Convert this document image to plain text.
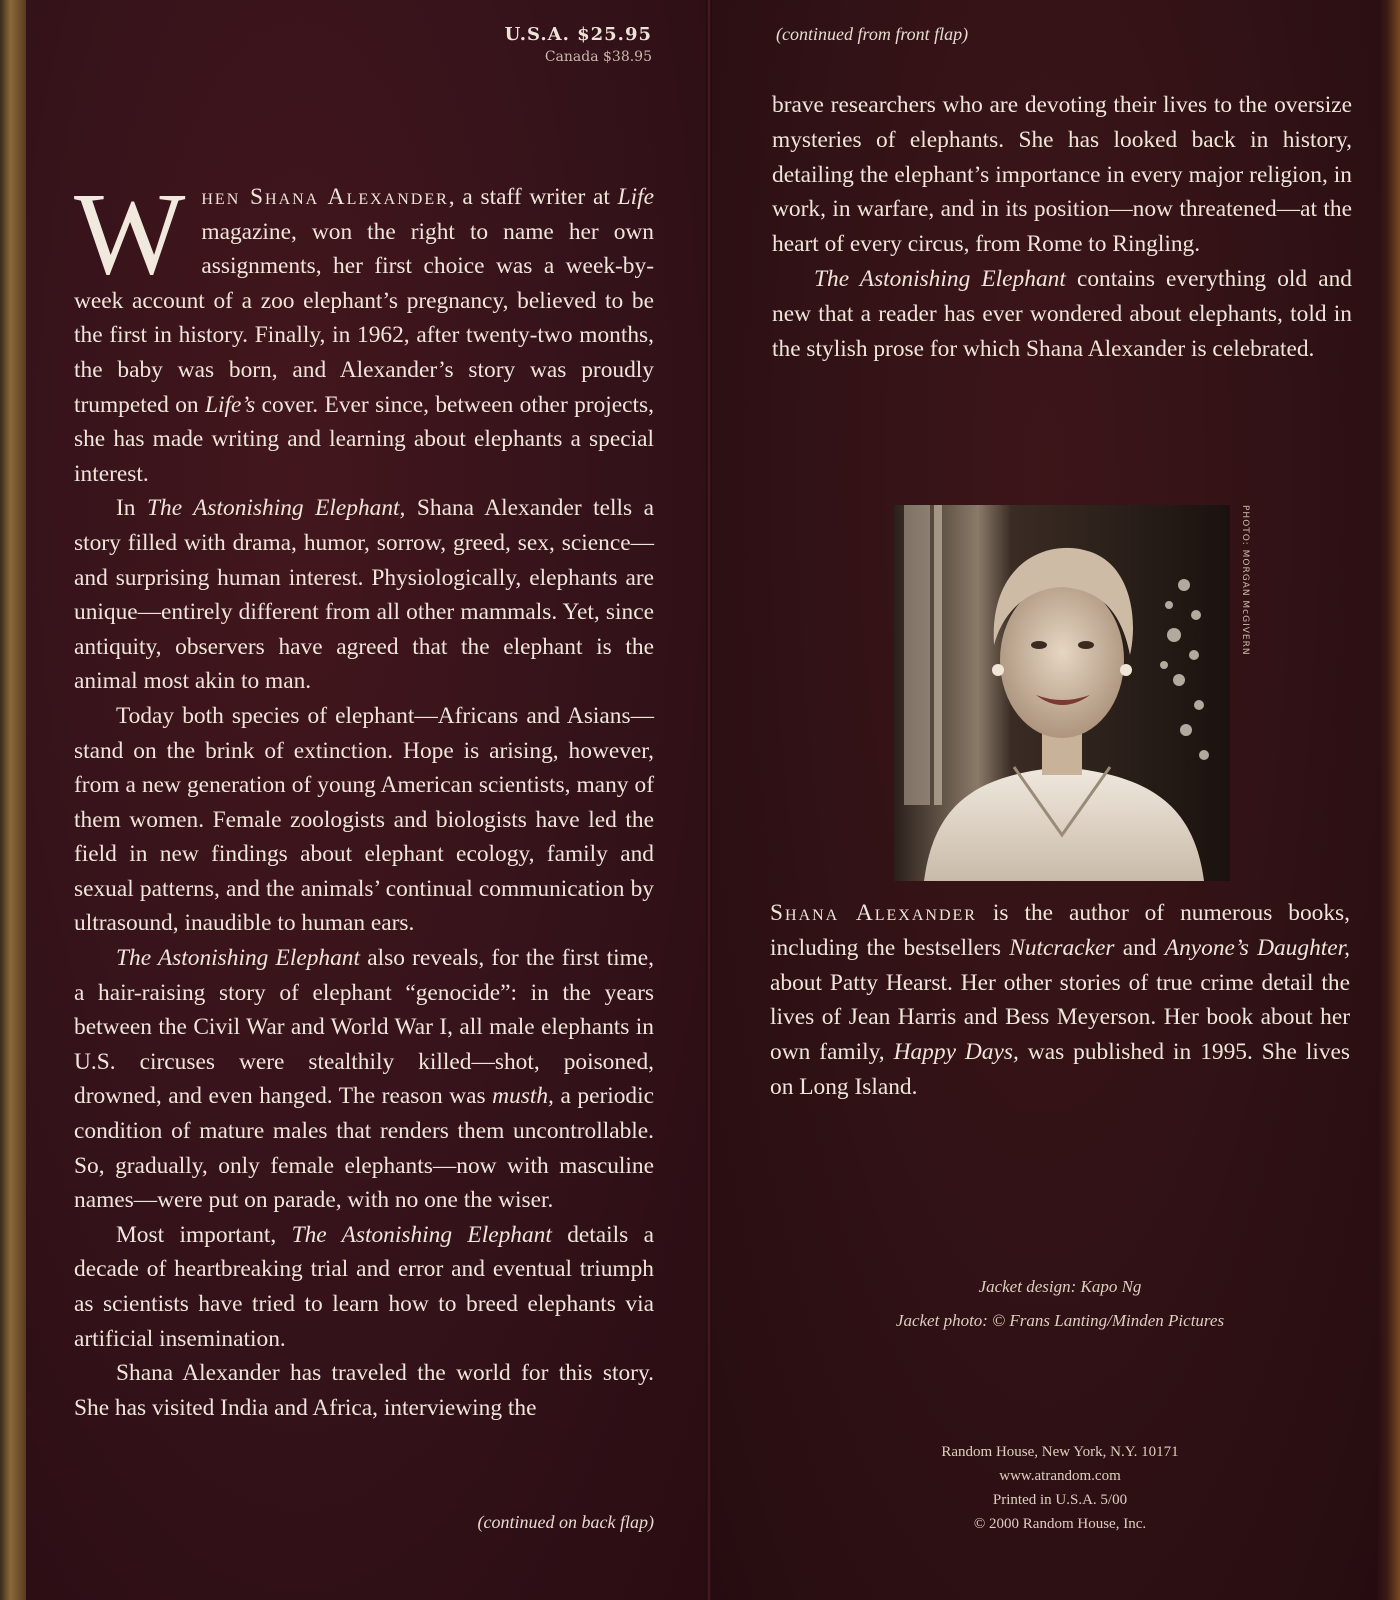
U.S.A. $25.95
Canada $38.95

When Shana Alexander, a staff writer at Life magazine, won the right to name her own assignments, her first choice was a week-by-week account of a zoo elephant’s pregnancy, believed to be the first in history. Finally, in 1962, after twenty-two months, the baby was born, and Alexander’s story was proudly trumpeted on Life’s cover. Ever since, between other projects, she has made writing and learning about elephants a special interest.

In The Astonishing Elephant, Shana Alexander tells a story filled with drama, humor, sorrow, greed, sex, science—and surprising human interest. Physiologically, elephants are unique—entirely different from all other mammals. Yet, since antiquity, observers have agreed that the elephant is the animal most akin to man.

Today both species of elephant—Africans and Asians—stand on the brink of extinction. Hope is arising, however, from a new generation of young American scientists, many of them women. Female zoologists and biologists have led the field in new findings about elephant ecology, family and sexual patterns, and the animals’ continual communication by ultrasound, inaudible to human ears.

The Astonishing Elephant also reveals, for the first time, a hair-raising story of elephant “genocide”: in the years between the Civil War and World War I, all male elephants in U.S. circuses were stealthily killed—shot, poisoned, drowned, and even hanged. The reason was musth, a periodic condition of mature males that renders them uncontrollable. So, gradually, only female elephants—now with masculine names—were put on parade, with no one the wiser.

Most important, The Astonishing Elephant details a decade of heartbreaking trial and error and eventual triumph as scientists have tried to learn how to breed elephants via artificial insemination.

Shana Alexander has traveled the world for this story. She has visited India and Africa, interviewing the

(continued on back flap)
(continued from front flap)

brave researchers who are devoting their lives to the oversize mysteries of elephants. She has looked back in history, detailing the elephant’s importance in every major religion, in work, in warfare, and in its position—now threatened—at the heart of every circus, from Rome to Ringling.

The Astonishing Elephant contains everything old and new that a reader has ever wondered about elephants, told in the stylish prose for which Shana Alexander is celebrated.

PHOTO: MORGAN McGIVERN

Shana Alexander is the author of numerous books, including the bestsellers Nutcracker and Anyone’s Daughter, about Patty Hearst. Her other stories of true crime detail the lives of Jean Harris and Bess Meyerson. Her book about her own family, Happy Days, was published in 1995. She lives on Long Island.

Jacket design: Kapo Ng
Jacket photo: © Frans Lanting/Minden Pictures
Random House, New York, N.Y. 10171
www.atrandom.com
Printed in U.S.A. 5/00
© 2000 Random House, Inc.
